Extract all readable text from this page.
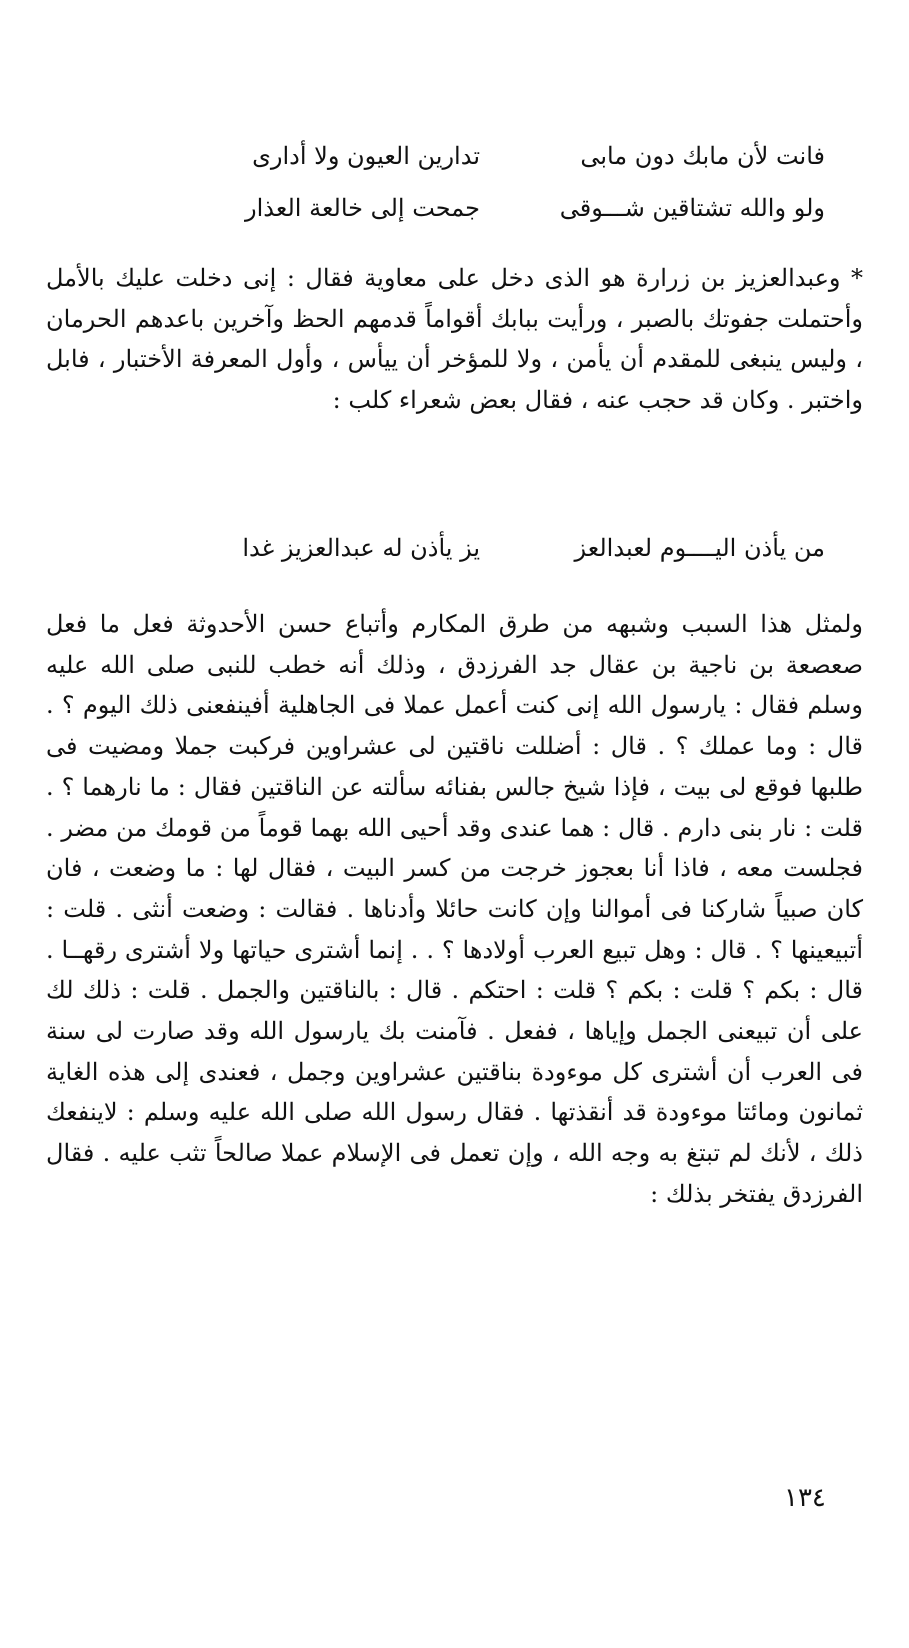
فانت لأن مابك دون مابى
تدارين العيون ولا أدارى
ولو والله تشتاقين شـــوقى
جمحت إلى خالعة العذار

* وعبدالعزيز بن زرارة هو الذى دخل على معاوية فقال : إنى دخلت عليك بالأمل وأحتملت جفوتك بالصبر ، ورأيت ببابك أقواماً قدمهم الحظ وآخرين باعدهم الحرمان ، وليس ينبغى للمقدم أن يأمن ، ولا للمؤخر أن ييأس ، وأول المعرفة الأختبار ، فابل واختبر . وكان قد حجب عنه ، فقال بعض شعراء كلب :

من يأذن اليــــوم لعبدالعز
يز يأذن له عبدالعزيز غدا

ولمثل هذا السبب وشبهه من طرق المكارم وأتباع حسن الأحدوثة فعل ما فعل صعصعة بن ناجية بن عقال جد الفرزدق ، وذلك أنه خطب للنبى صلى الله عليه وسلم فقال : يارسول الله إنى كنت أعمل عملا فى الجاهلية أفينفعنى ذلك اليوم ؟ . قال : وما عملك ؟ . قال : أضللت ناقتين لى عشراوين فركبت جملا ومضيت فى طلبها فوقع لى بيت ، فإذا شيخ جالس بفنائه سألته عن الناقتين فقال : ما نارهما ؟ . قلت : نار بنى دارم . قال : هما عندى وقد أحيى الله بهما قوماً من قومك من مضر . فجلست معه ، فاذا أنا بعجوز خرجت من كسر البيت ، فقال لها : ما وضعت ، فان كان صبياً شاركنا فى أموالنا وإن كانت حائلا وأدناها . فقالت : وضعت أنثى . قلت : أتبيعينها ؟ . قال : وهل تبيع العرب أولادها ؟ . . إنما أشترى حياتها ولا أشترى رقهــا . قال : بكم ؟ قلت : بكم ؟ قلت : احتكم . قال : بالناقتين والجمل . قلت : ذلك لك على أن تبيعنى الجمل وإياها ، ففعل . فآمنت بك يارسول الله وقد صارت لى سنة فى العرب أن أشترى كل موءودة بناقتين عشراوين وجمل ، فعندى إلى هذه الغاية ثمانون ومائتا موءودة قد أنقذتها . فقال رسول الله صلى الله عليه وسلم : لاينفعك ذلك ، لأنك لم تبتغ به وجه الله ، وإن تعمل فى الإسلام عملا صالحاً تثب عليه . فقال الفرزدق يفتخر بذلك :

١٣٤
